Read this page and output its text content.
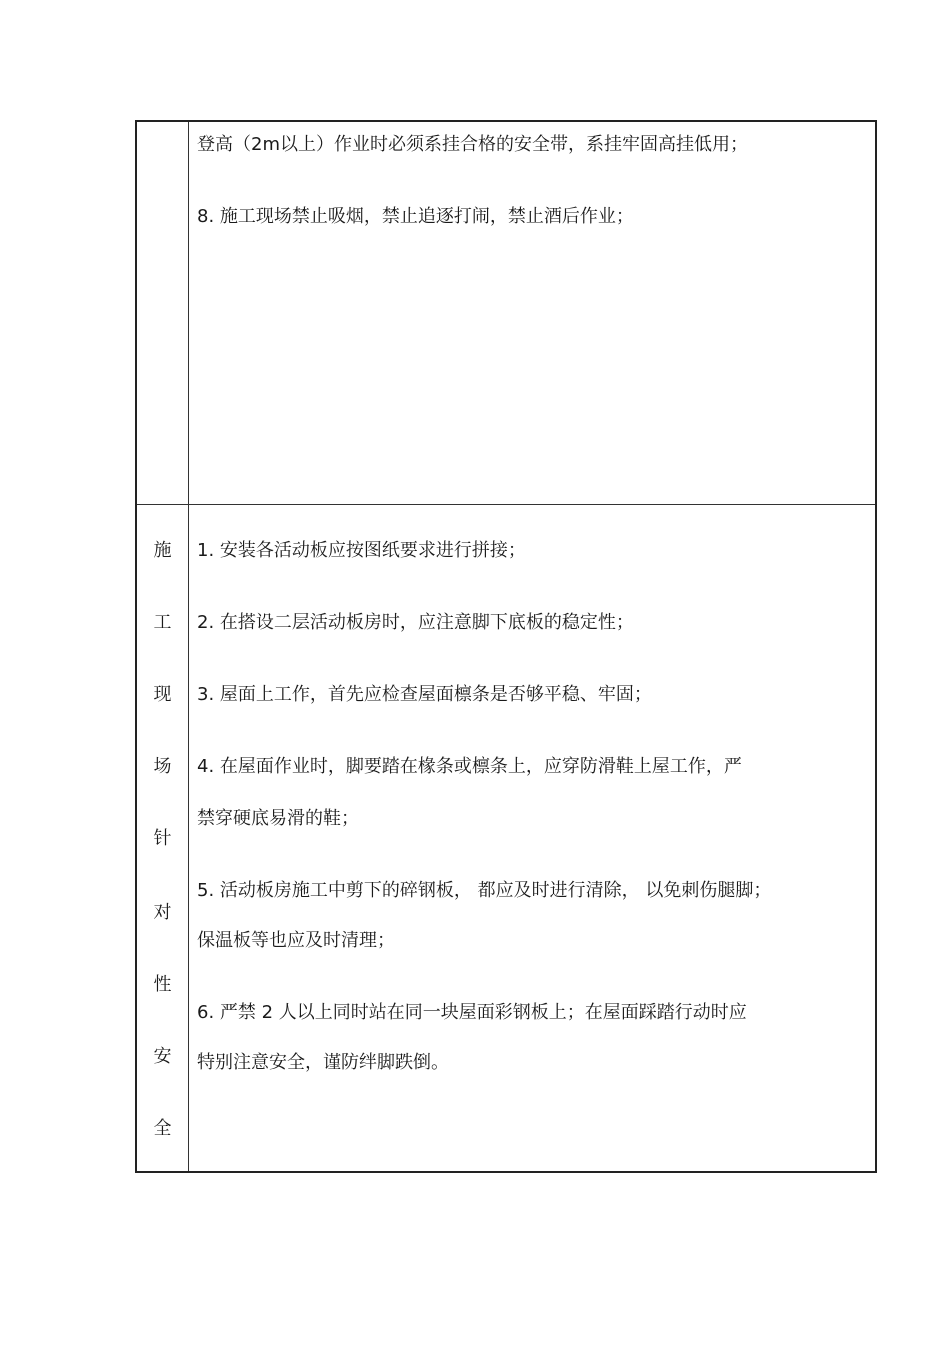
登高（2m以上）作业时必须系挂合格的安全带，系挂牢固高挂低用；
8. 施工现场禁止吸烟，禁止追逐打闹，禁止酒后作业；
施
工
现
场
针
对
性
安
全
1. 安装各活动板应按图纸要求进行拼接；
2. 在搭设二层活动板房时，应注意脚下底板的稳定性；
3. 屋面上工作，首先应检查屋面檩条是否够平稳、牢固；
4. 在屋面作业时，脚要踏在椽条或檩条上，应穿防滑鞋上屋工作，严
禁穿硬底易滑的鞋；
5. 活动板房施工中剪下的碎钢板， 都应及时进行清除， 以免刺伤腿脚；
保温板等也应及时清理；
6. 严禁 2 人以上同时站在同一块屋面彩钢板上；在屋面踩踏行动时应
特别注意安全，谨防绊脚跌倒。
